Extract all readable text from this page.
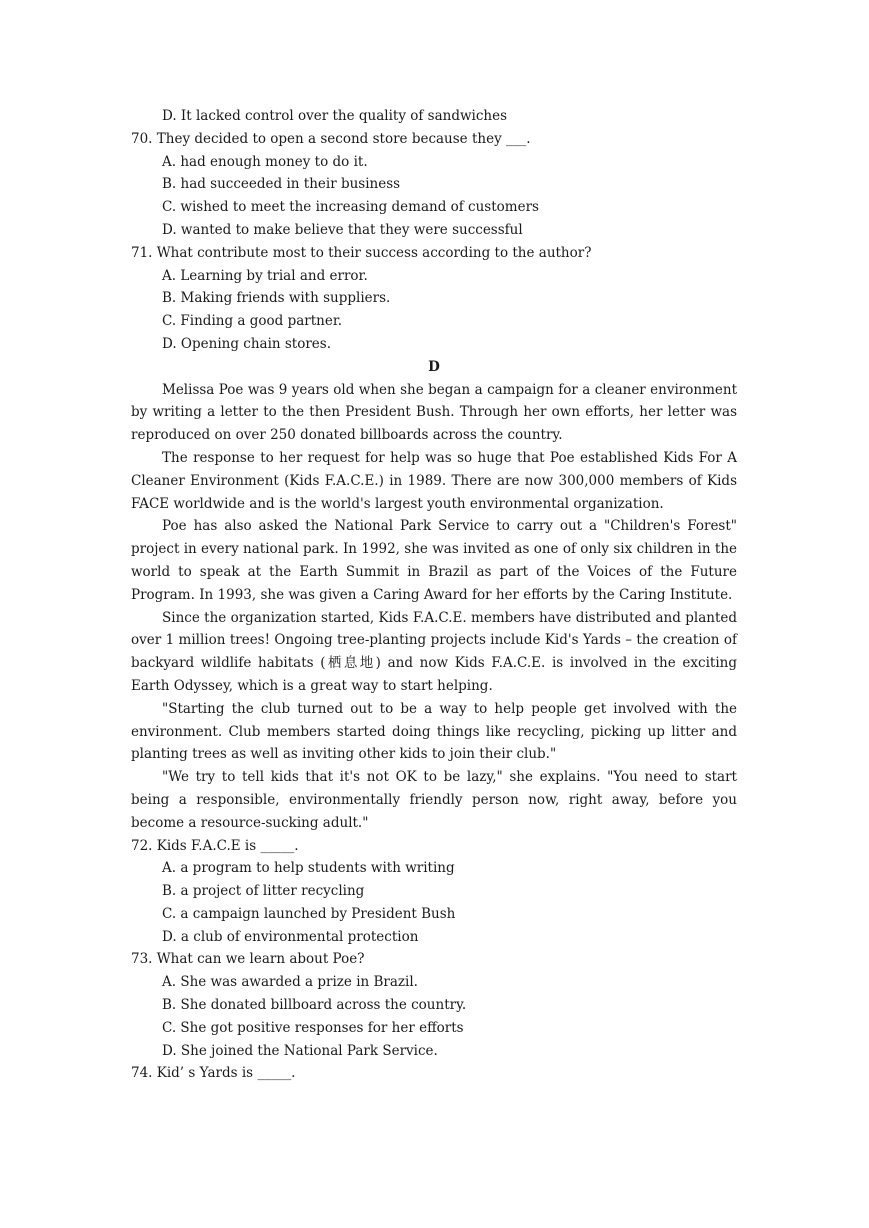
D. It lacked control over the quality of sandwiches
70. They decided to open a second store because they ___.
A. had enough money to do it.
B. had succeeded in their business
C. wished to meet the increasing demand of customers
D. wanted to make believe that they were successful
71. What contribute most to their success according to the author?
A. Learning by trial and error.
B. Making friends with suppliers.
C. Finding a good partner.
D. Opening chain stores.
D
Melissa Poe was 9 years old when she began a campaign for a cleaner environment by writing a letter to the then President Bush. Through her own efforts, her letter was reproduced on over 250 donated billboards across the country.
The response to her request for help was so huge that Poe established Kids For A Cleaner Environment (Kids F.A.C.E.) in 1989. There are now 300,000 members of Kids FACE worldwide and is the world's largest youth environmental organization.
Poe has also asked the National Park Service to carry out a "Children's Forest" project in every national park. In 1992, she was invited as one of only six children in the world to speak at the Earth Summit in Brazil as part of the Voices of the Future Program. In 1993, she was given a Caring Award for her efforts by the Caring Institute.
Since the organization started, Kids F.A.C.E. members have distributed and planted over 1 million trees! Ongoing tree-planting projects include Kid's Yards – the creation of backyard wildlife habitats (栖息地) and now Kids F.A.C.E. is involved in the exciting Earth Odyssey, which is a great way to start helping.
"Starting the club turned out to be a way to help people get involved with the environment. Club members started doing things like recycling, picking up litter and planting trees as well as inviting other kids to join their club."
"We try to tell kids that it's not OK to be lazy," she explains. "You need to start being a responsible, environmentally friendly person now, right away, before you become a resource-sucking adult."
72. Kids F.A.C.E is _____.
A. a program to help students with writing
B. a project of litter recycling
C. a campaign launched by President Bush
D. a club of environmental protection
73. What can we learn about Poe?
A. She was awarded a prize in Brazil.
B. She donated billboard across the country.
C. She got positive responses for her efforts
D. She joined the National Park Service.
74. Kid’ s Yards is _____.
